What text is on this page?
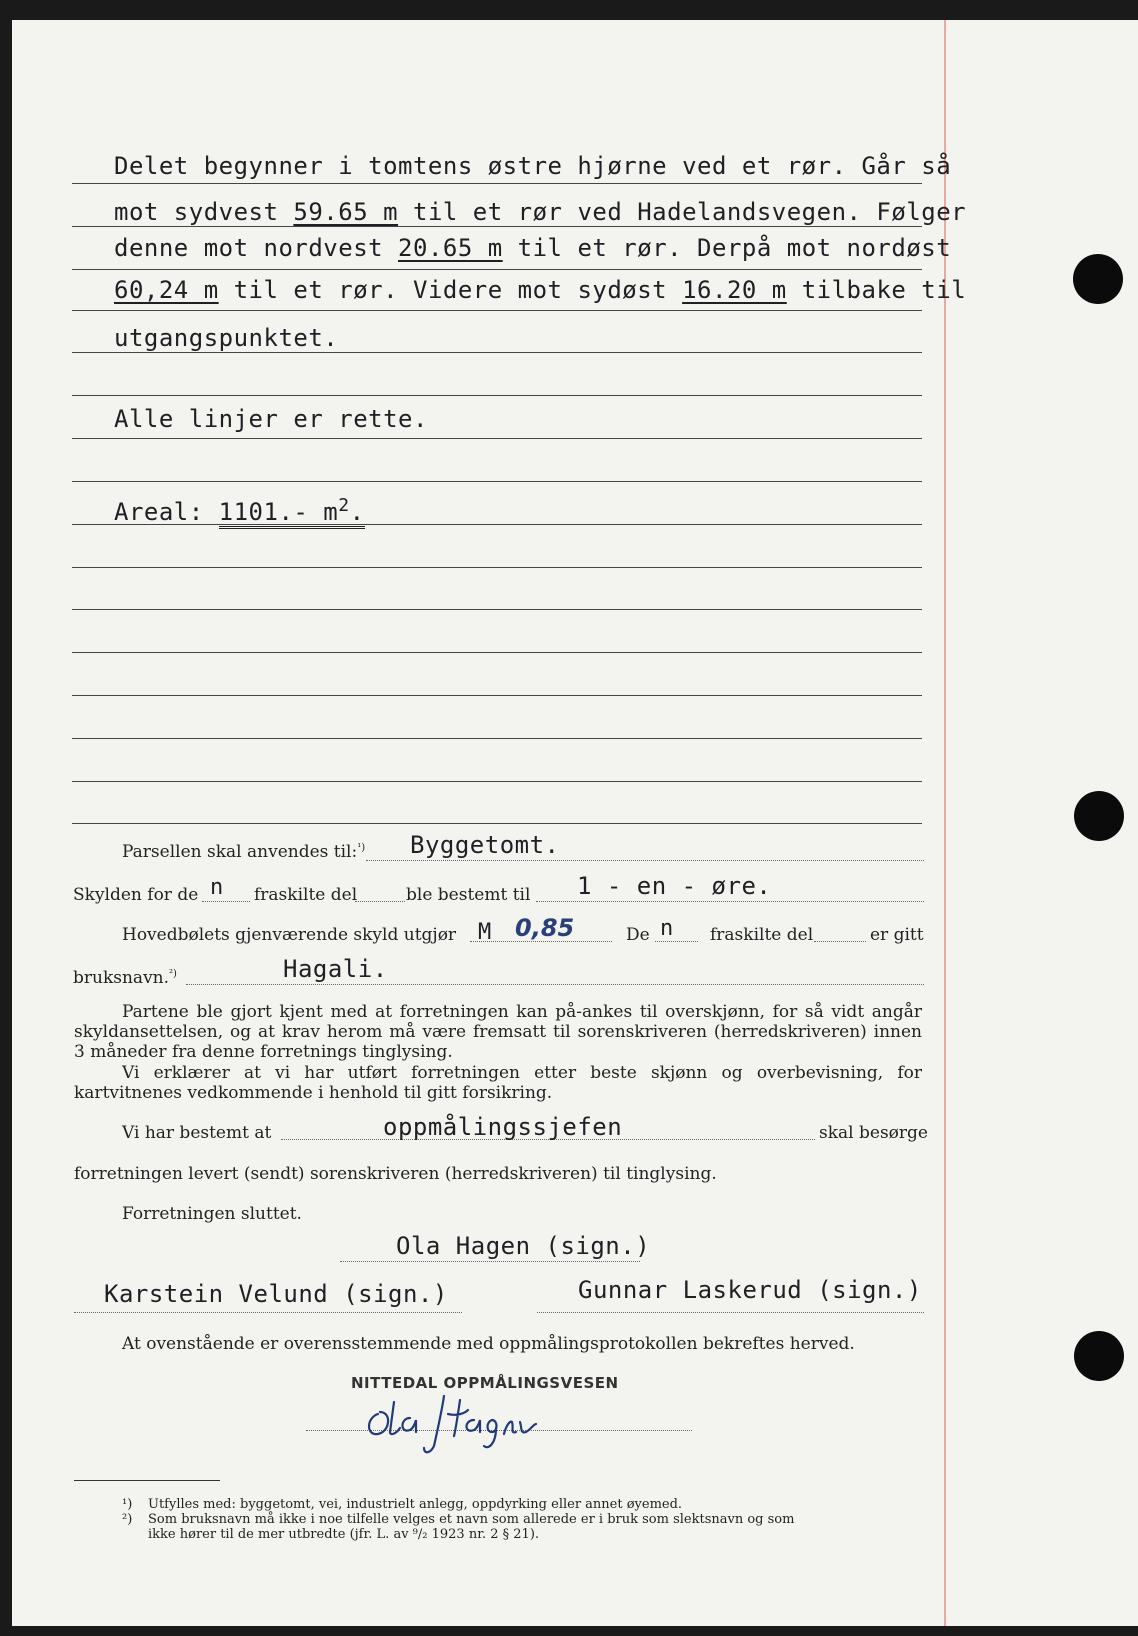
Delet begynner i tomtens østre hjørne ved et rør. Går så
mot sydvest 59.65 m til et rør ved Hadelandsvegen. Følger
denne mot nordvest 20.65 m til et rør. Derpå mot nordøst
60,24 m til et rør. Videre mot sydøst 16.20 m tilbake til
utgangspunktet.
Alle linjer er rette.
Areal: 1101.- $m^2$.
Parsellen skal anvendes til:$^{^1)}$ Byggetomt.
Skylden for de n fraskilte del	ble bestemt til 1 - en - øre.
Hovedbølets gjenværende skyld utgjør M 0,85	De n fraskilte del	er gitt
bruksnavn.$^{^2)}$	Hagali.
Partene ble gjort kjent med at forretningen kan på-ankes til overskjønn, for så vidt angår skyldansettelsen, og at krav herom må være fremsatt til sorenskriveren (herredskriveren) innen 3 måneder fra denne forretnings tinglysing.
Vi erklærer at vi har utført forretningen etter beste skjønn og overbevisning, for kartvitnenes vedkommende i henhold til gitt forsikring.
Vi har bestemt at	oppmålingssjefen	skal besørge
forretningen levert (sendt) sorenskriveren (herredskriveren) til tinglysing.
Forretningen sluttet.
Ola Hagen (sign.)
Karstein Velund (sign.)	Gunnar Laskerud (sign.)
At ovenstående er overensstemmende med oppmålingsprotokollen bekreftes herved.
NITTEDAL OPPMÅLINGSVESEN
¹) Utfylles med: byggetomt, vei, industrielt anlegg, oppdyrking eller annet øyemed.
²) Som bruksnavn må ikke i noe tilfelle velges et navn som allerede er i bruk som slektsnavn og som
ikke hører til de mer utbredte (jfr. L. av ⁹/₂ 1923 nr. 2 § 21).
